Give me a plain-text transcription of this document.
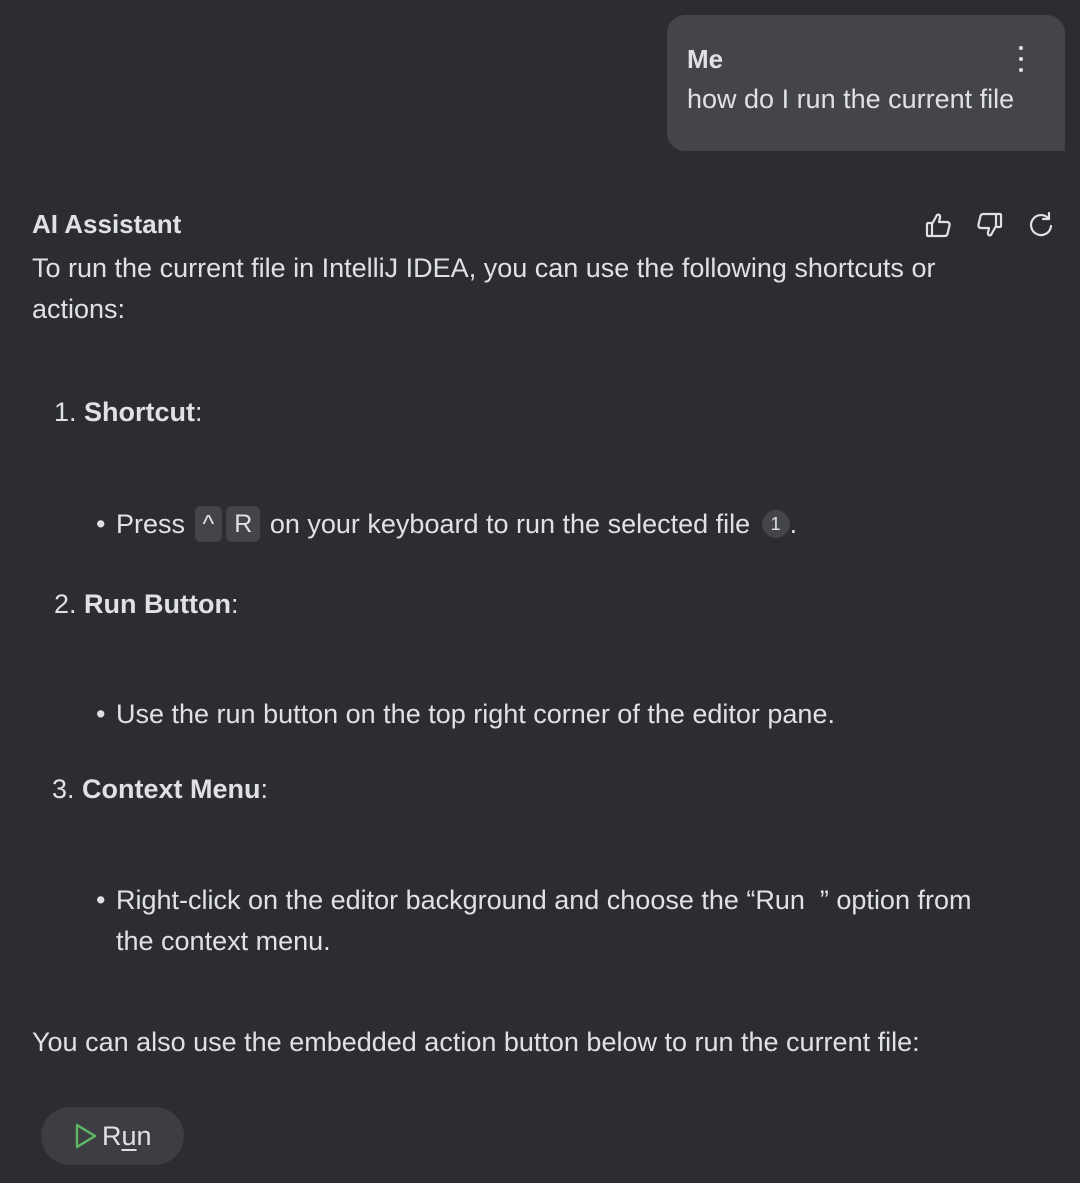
Me
how do I run the current file
AI Assistant
To run the current file in IntelliJ IDEA, you can use the following shortcuts or
actions:
1. Shortcut:
• Press ^ R on your keyboard to run the selected file 1 .
2. Run Button:
• Use the run button on the top right corner of the editor pane.
3. Context Menu:
• Right-click on the editor background and choose the “Run  ” option from
the context menu.
You can also use the embedded action button below to run the current file:
Run
